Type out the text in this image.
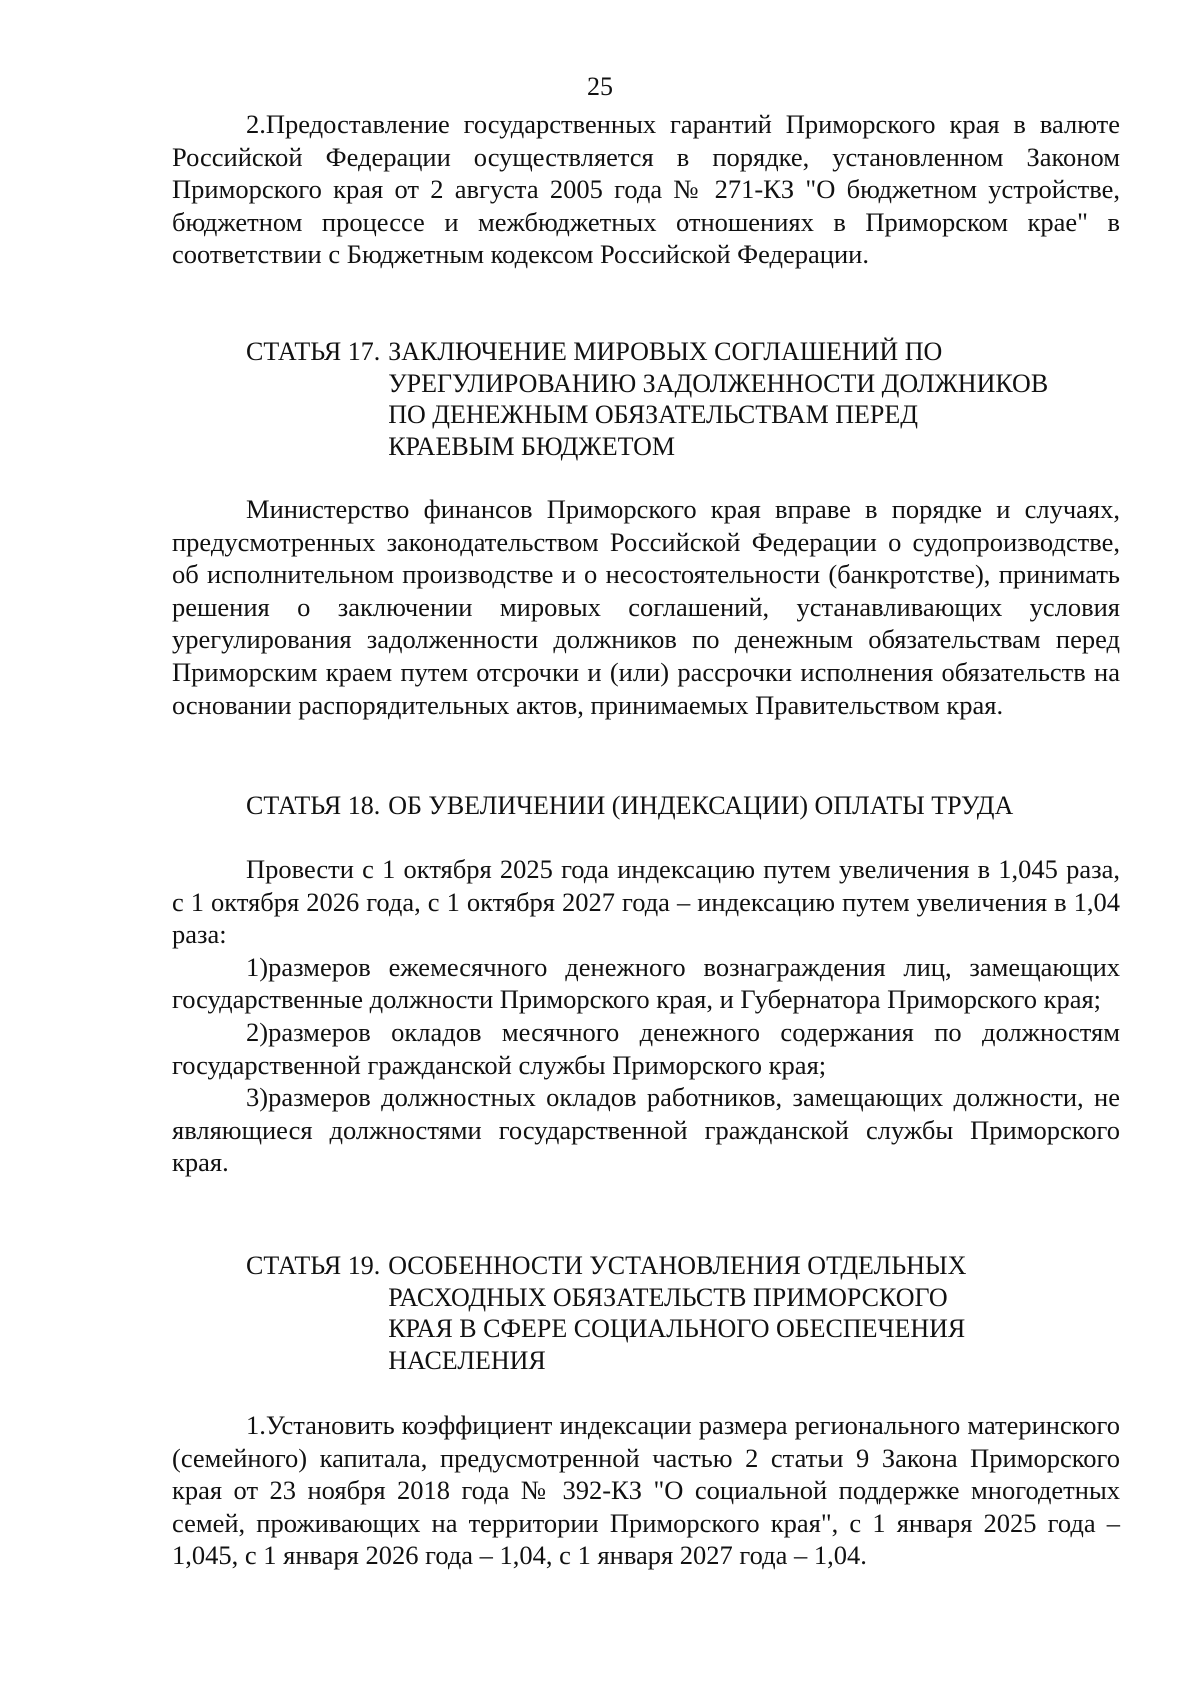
25

2.Предоставление государственных гарантий Приморского края в валюте Российской Федерации осуществляется в порядке, установленном Законом Приморского края от 2 августа 2005 года № 271-КЗ "О бюджетном устройстве, бюджетном процессе и межбюджетных отношениях в Приморском крае" в соответствии с Бюджетным кодексом Российской Федерации.

СТАТЬЯ 17. ЗАКЛЮЧЕНИЕ МИРОВЫХ СОГЛАШЕНИЙ ПО
УРЕГУЛИРОВАНИЮ ЗАДОЛЖЕННОСТИ ДОЛЖНИКОВ
ПО ДЕНЕЖНЫМ ОБЯЗАТЕЛЬСТВАМ ПЕРЕД
КРАЕВЫМ БЮДЖЕТОМ

Министерство финансов Приморского края вправе в порядке и случаях, предусмотренных законодательством Российской Федерации о судопроизводстве, об исполнительном производстве и о несостоятельности (банкротстве), принимать решения о заключении мировых соглашений, устанавливающих условия урегулирования задолженности должников по денежным обязательствам перед Приморским краем путем отсрочки и (или) рассрочки исполнения обязательств на основании распорядительных актов, принимаемых Правительством края.

СТАТЬЯ 18. ОБ УВЕЛИЧЕНИИ (ИНДЕКСАЦИИ) ОПЛАТЫ ТРУДА

Провести с 1 октября 2025 года индексацию путем увеличения в 1,045 раза, с 1 октября 2026 года, с 1 октября 2027 года – индексацию путем увеличения в 1,04 раза:

1)размеров ежемесячного денежного вознаграждения лиц, замещающих государственные должности Приморского края, и Губернатора Приморского края;

2)размеров окладов месячного денежного содержания по должностям государственной гражданской службы Приморского края;

3)размеров должностных окладов работников, замещающих должности, не являющиеся должностями государственной гражданской службы Приморского края.

СТАТЬЯ 19. ОСОБЕННОСТИ УСТАНОВЛЕНИЯ ОТДЕЛЬНЫХ
РАСХОДНЫХ ОБЯЗАТЕЛЬСТВ ПРИМОРСКОГО
КРАЯ В СФЕРЕ СОЦИАЛЬНОГО ОБЕСПЕЧЕНИЯ
НАСЕЛЕНИЯ

1.Установить коэффициент индексации размера регионального материнского (семейного) капитала, предусмотренной частью 2 статьи 9 Закона Приморского края от 23 ноября 2018 года № 392-КЗ "О социальной поддержке многодетных семей, проживающих на территории Приморского края", с 1 января 2025 года – 1,045, с 1 января 2026 года – 1,04, с 1 января 2027 года – 1,04.
